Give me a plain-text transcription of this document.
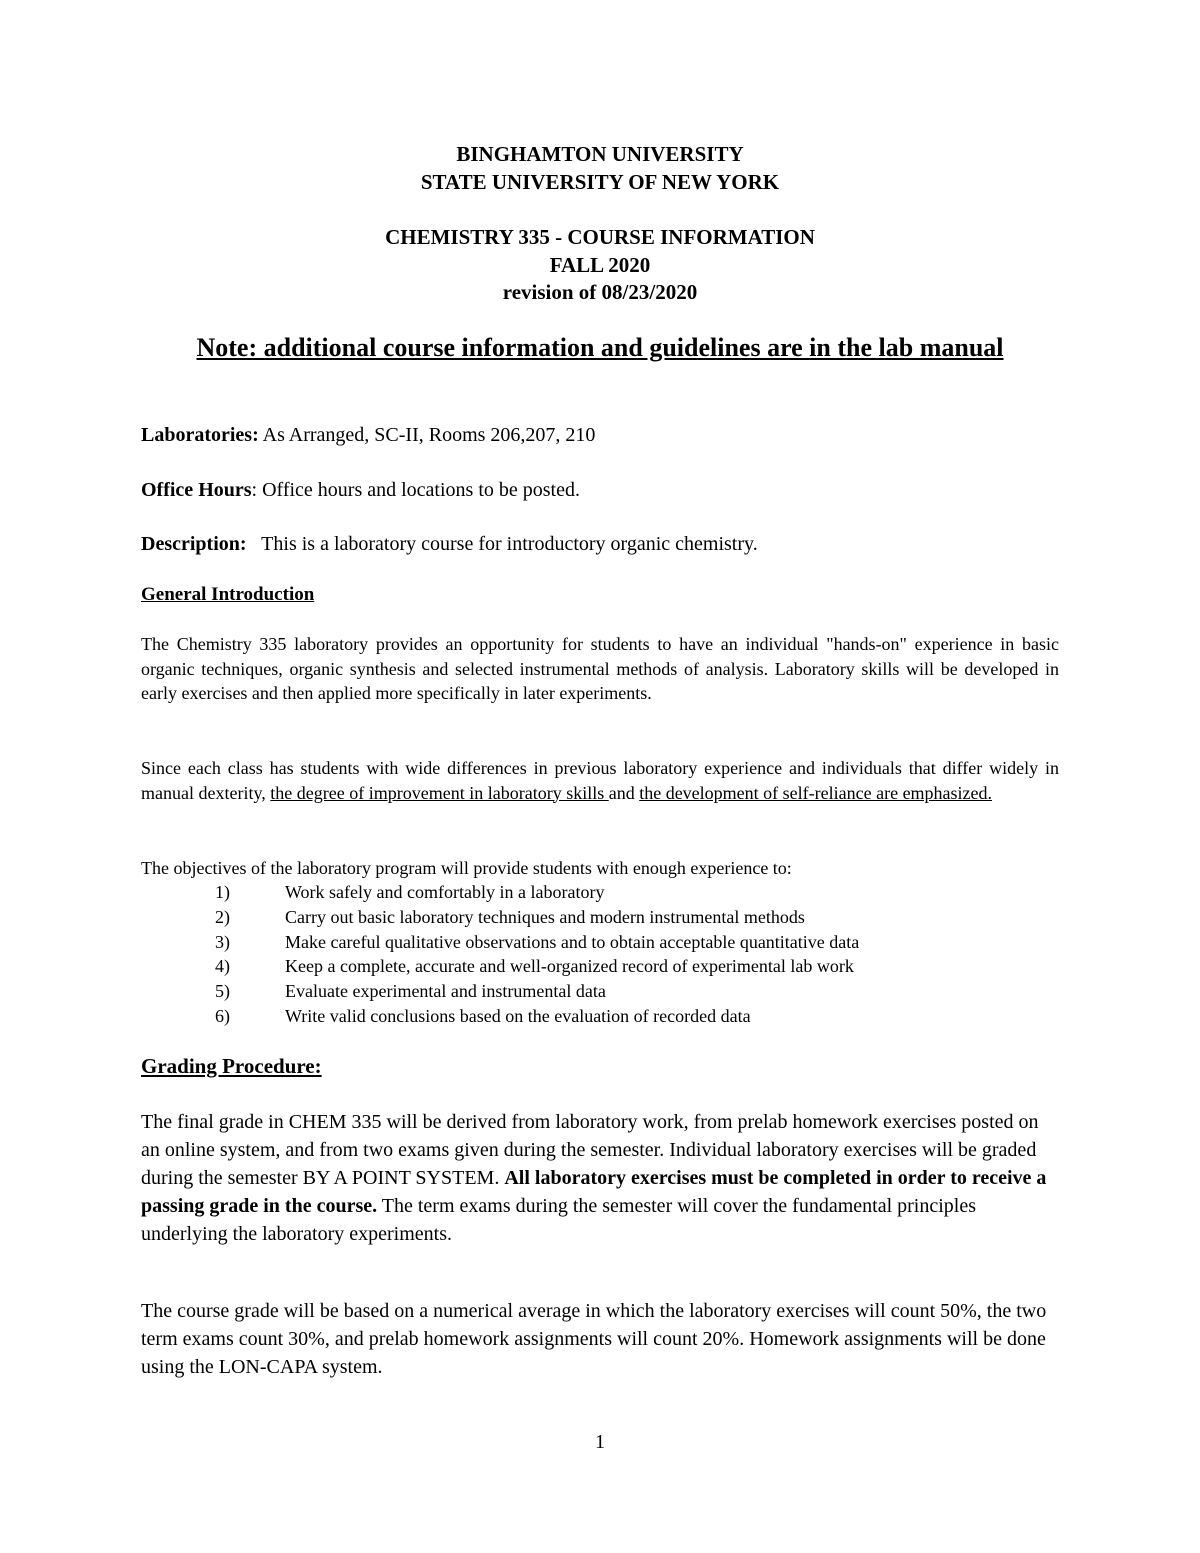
BINGHAMTON UNIVERSITY
STATE UNIVERSITY OF NEW YORK
CHEMISTRY 335 - COURSE INFORMATION
FALL 2020
revision of 08/23/2020
Note: additional course information and guidelines are in the lab manual
Laboratories: As Arranged, SC-II, Rooms 206,207, 210
Office Hours: Office hours and locations to be posted.
Description:   This is a laboratory course for introductory organic chemistry.
General Introduction
The Chemistry 335 laboratory provides an opportunity for students to have an individual "hands-on" experience in basic organic techniques, organic synthesis and selected instrumental methods of analysis. Laboratory skills will be developed in early exercises and then applied more specifically in later experiments.
Since each class has students with wide differences in previous laboratory experience and individuals that differ widely in manual dexterity, the degree of improvement in laboratory skills and the development of self-reliance are emphasized.
The objectives of the laboratory program will provide students with enough experience to:
1)	Work safely and comfortably in a laboratory
2)	Carry out basic laboratory techniques and modern instrumental methods
3)	Make careful qualitative observations and to obtain acceptable quantitative data
4)	Keep a complete, accurate and well-organized record of experimental lab work
5)	Evaluate experimental and instrumental data
6)	Write valid conclusions based on the evaluation of recorded data
Grading Procedure:
The final grade in CHEM 335 will be derived from laboratory work, from prelab homework exercises posted on an online system, and from two exams given during the semester. Individual laboratory exercises will be graded during the semester BY A POINT SYSTEM. All laboratory exercises must be completed in order to receive a passing grade in the course. The term exams during the semester will cover the fundamental principles underlying the laboratory experiments.
The course grade will be based on a numerical average in which the laboratory exercises will count 50%, the two term exams count 30%, and prelab homework assignments will count 20%. Homework assignments will be done using the LON-CAPA system.
1
